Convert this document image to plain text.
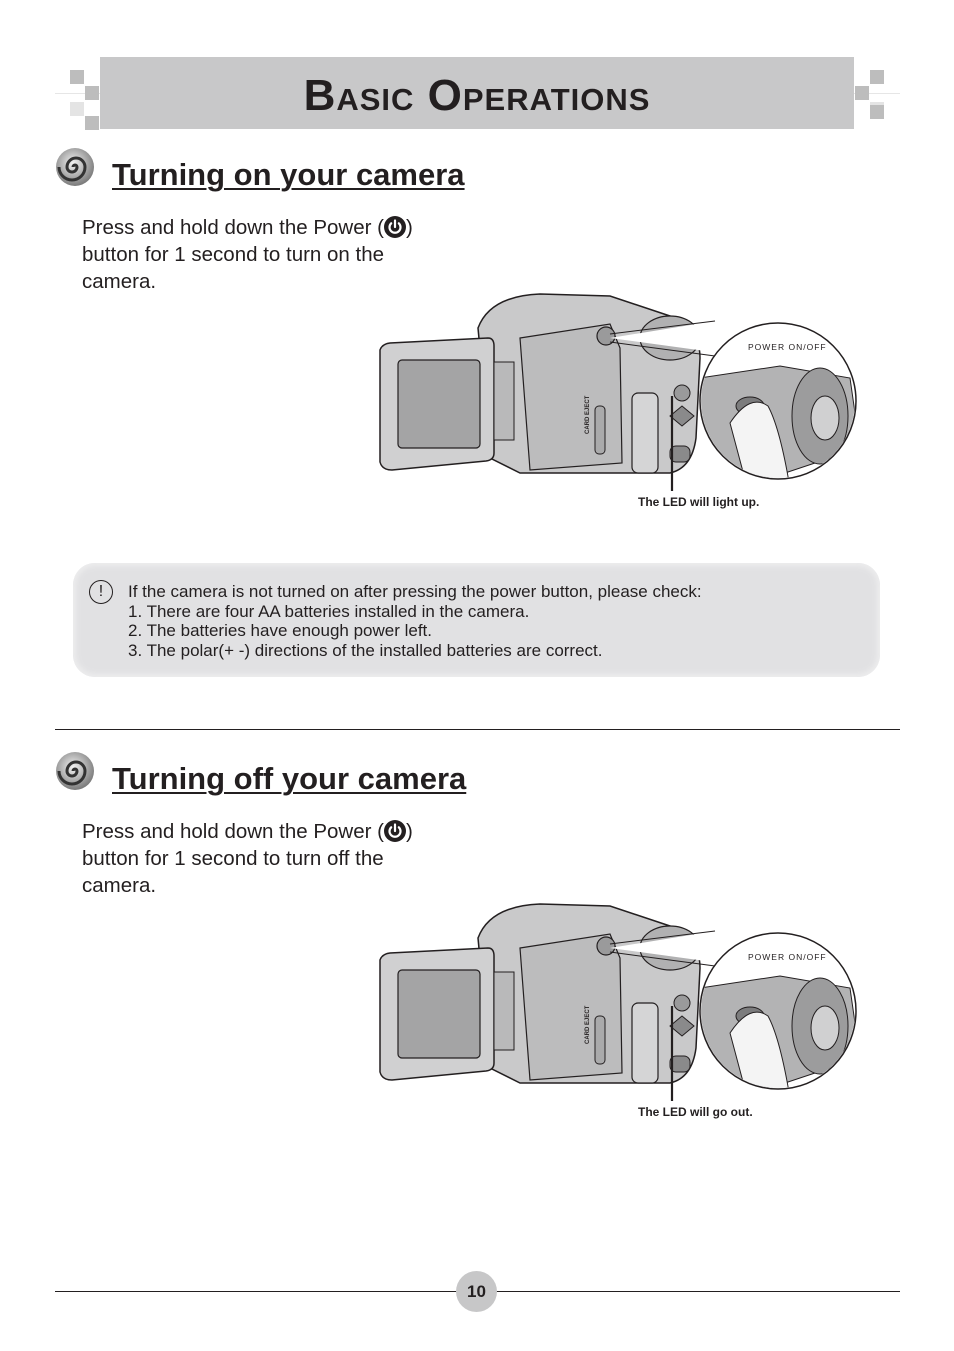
Basic Operations
Turning on your camera
Press and hold down the Power ( )
button for 1 second to turn on the camera.
CARD EJECT
POWER ON/OFF
The LED will light up.
!	If the camera is not turned on after pressing the power button, please check:
1. There are four AA batteries installed in the camera.
2. The batteries have enough power left.
3. The polar(+ -) directions of the installed batteries are correct.
Turning off your camera
Press and hold down the Power ( )
button for 1 second to turn off the camera.
CARD EJECT
POWER ON/OFF
The LED will go out.
10
